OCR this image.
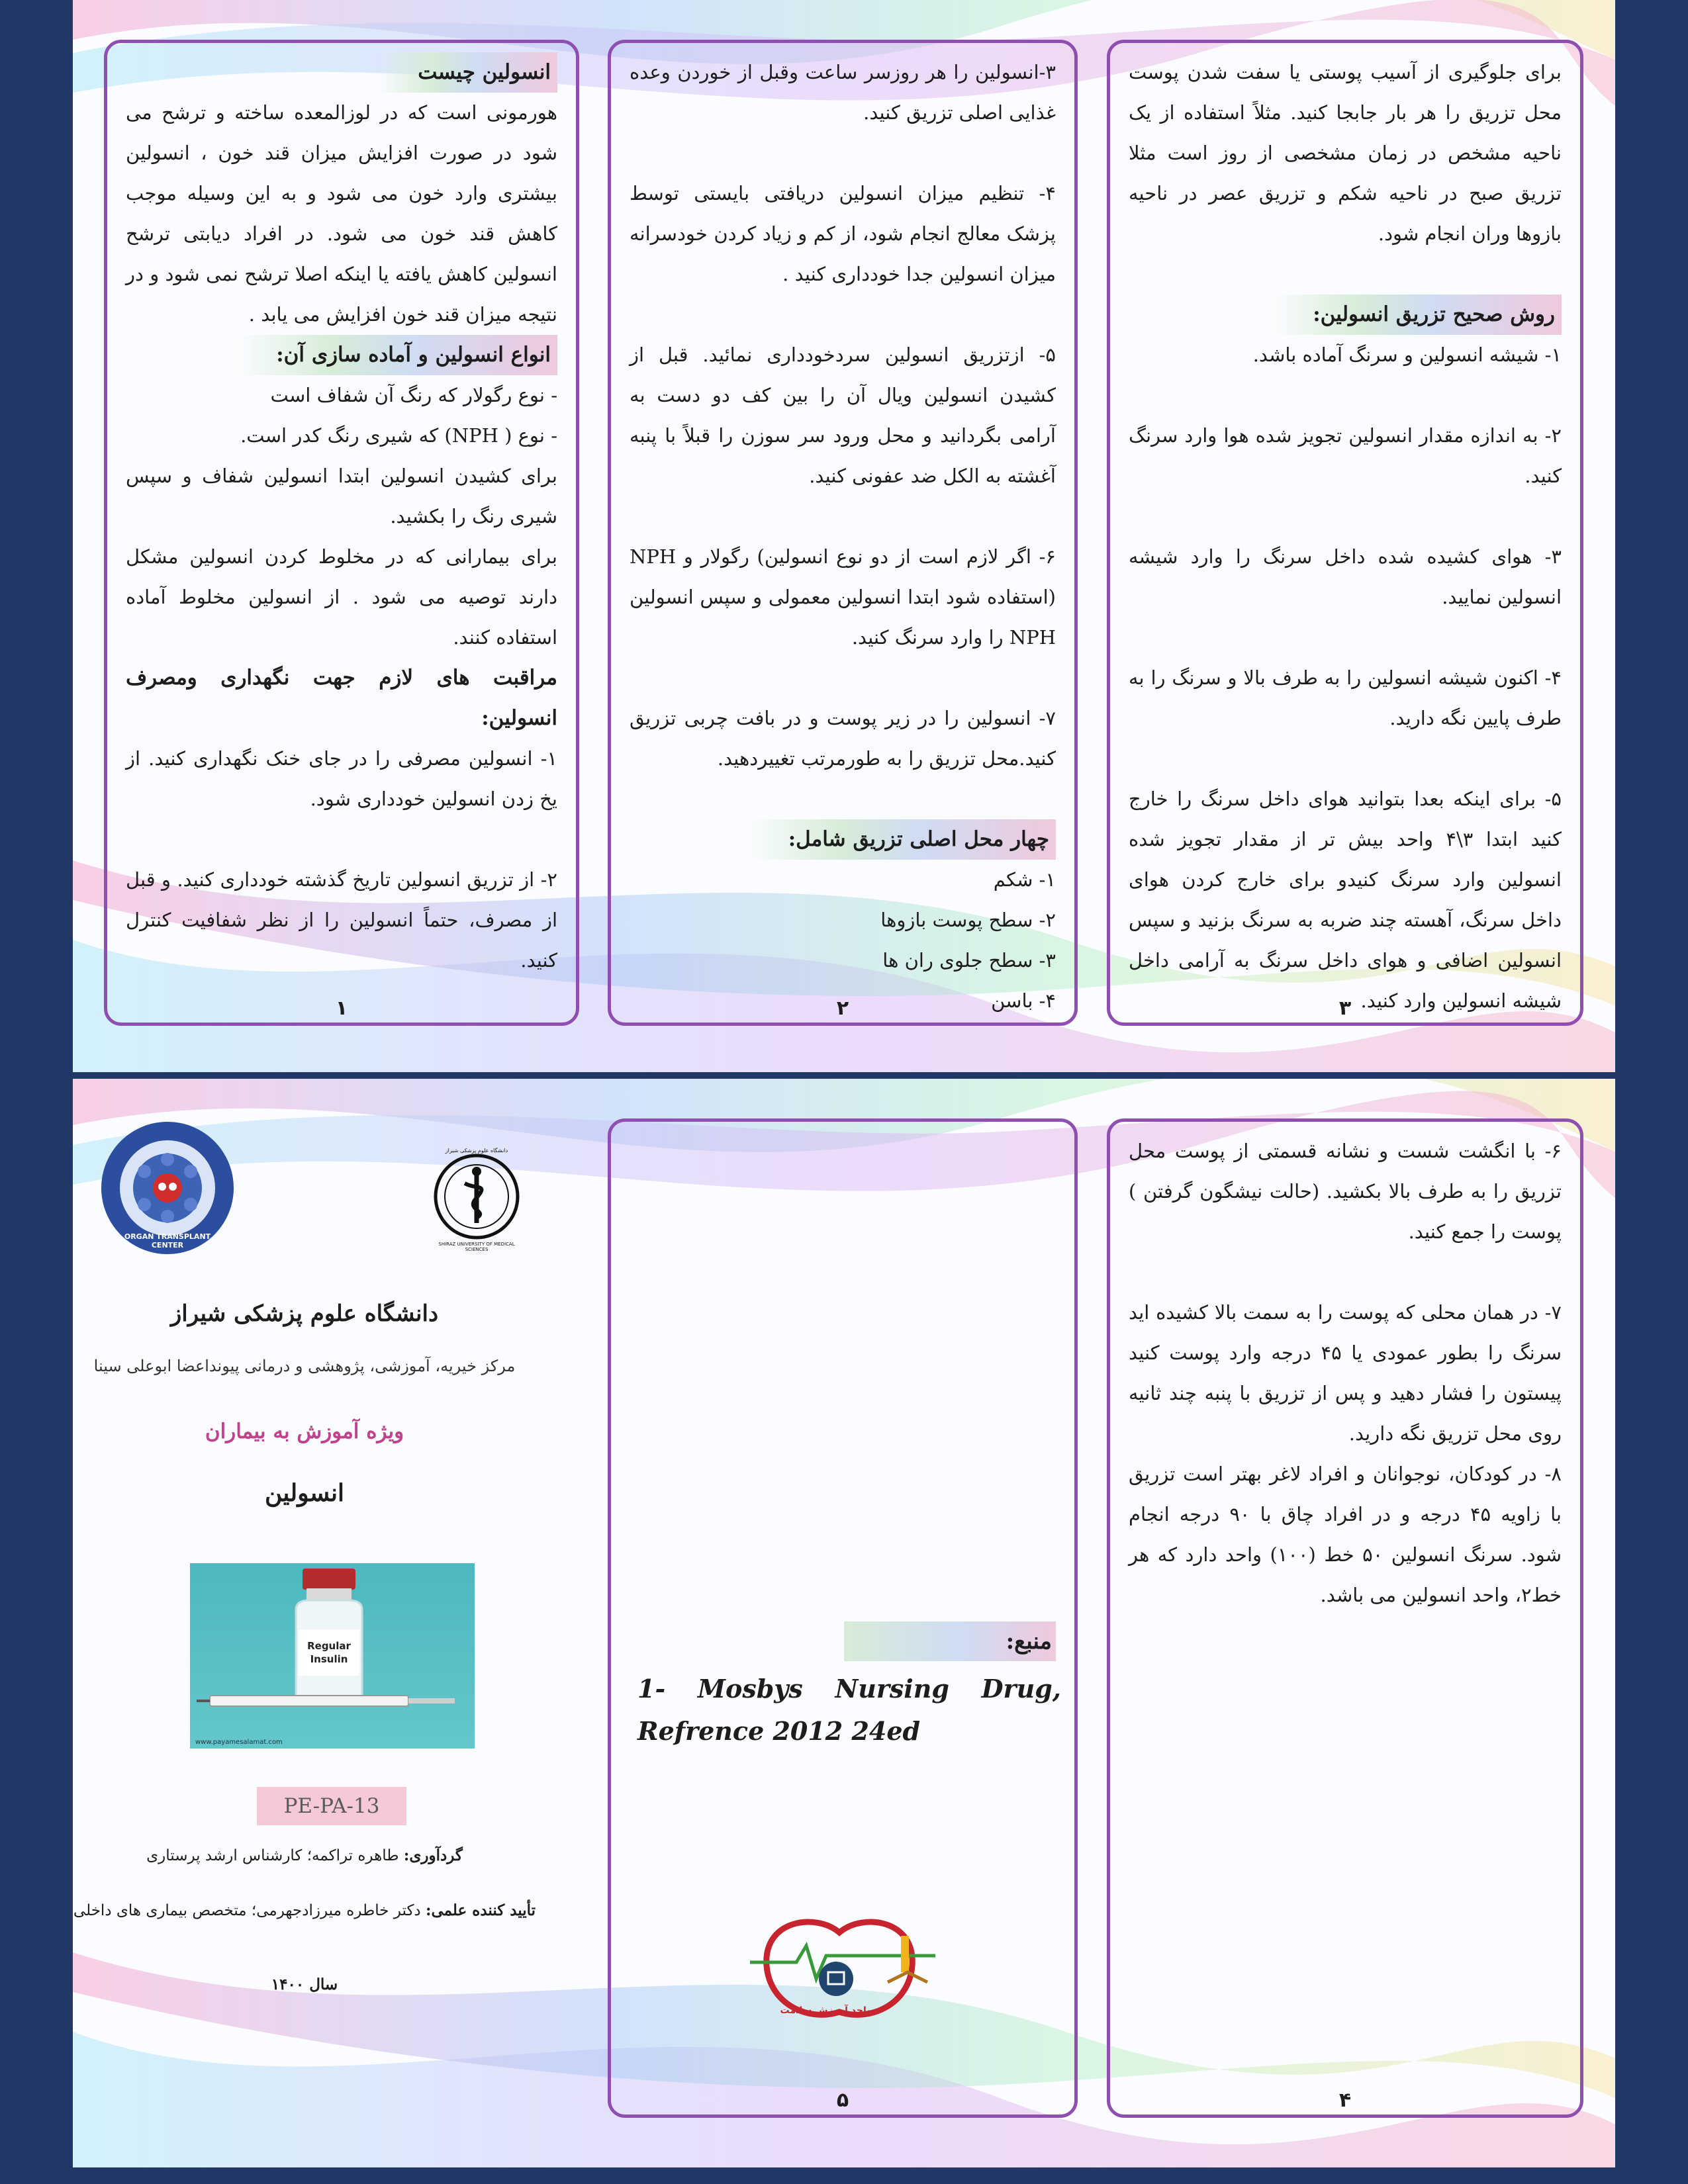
انسولین چیست

هورمونی است که در لوزالمعده ساخته و ترشح می شود در صورت افزایش میزان قند خون ، انسولین بیشتری وارد خون می شود و به این وسیله موجب کاهش قند خون می شود. در افراد دیابتی ترشح انسولین کاهش یافته یا اینکه اصلا ترشح نمی شود و در نتیجه میزان قند خون افزایش می یابد .

انواع انسولین و آماده سازی آن:

- نوع رگولار که رنگ آن شفاف است

- نوع ( NPH) که شیری رنگ کدر است.

برای کشیدن انسولین ابتدا انسولین شفاف و سپس شیری رنگ را بکشید.

برای بیمارانی که در مخلوط کردن انسولین مشکل دارند توصیه می شود . از انسولین مخلوط آماده استفاده کنند.

مراقبت های لازم جهت نگهداری ومصرف انسولین:

۱- انسولین مصرفی را در جای خنک نگهداری کنید. از یخ زدن انسولین خودداری شود.

۲- از تزریق انسولین تاریخ گذشته خودداری کنید. و قبل از مصرف، حتماً انسولین را از نظر شفافیت کنترل کنید.

۱

۳-انسولین را هر روزسر ساعت وقبل از خوردن وعده غذایی اصلی تزریق کنید.

۴- تنظیم میزان انسولین دریافتی بایستی توسط پزشک معالج انجام شود، از کم و زیاد کردن خودسرانه میزان انسولین جدا خودداری کنید .

۵- ازتزریق انسولین سردخودداری نمائید. قبل از کشیدن انسولین ویال آن را بین کف دو دست به آرامی بگردانید و محل ورود سر سوزن را قبلاً با پنبه آغشته به الکل ضد عفونی کنید.

۶- اگر لازم است از دو نوع انسولین) رگولار و NPH (استفاده شود ابتدا انسولین معمولی و سپس انسولین NPH را وارد سرنگ کنید.

۷- انسولین را در زیر پوست و در بافت چربی تزریق کنید.محل تزریق را به طورمرتب تغییردهید.

چهار محل اصلی تزریق شامل:

۱- شکم

۲- سطح پوست بازوها

۳- سطح جلوی ران ها

۴- باسن

۲

برای جلوگیری از آسیب پوستی یا سفت شدن پوست محل تزریق را هر بار جابجا کنید. مثلاً استفاده از یک ناحیه مشخص در زمان مشخصی از روز است مثلا تزریق صبح در ناحیه شکم و تزریق عصر در ناحیه بازوها وران انجام شود.

روش صحیح تزریق انسولین:

۱- شیشه انسولین و سرنگ آماده باشد.

۲- به اندازه مقدار انسولین تجویز شده هوا وارد سرنگ کنید.

۳- هوای کشیده شده داخل سرنگ را وارد شیشه انسولین نمایید.

۴- اکنون شیشه انسولین را به طرف بالا و سرنگ را به طرف پایین نگه دارید.

۵- برای اینکه بعدا بتوانید هوای داخل سرنگ را خارج کنید ابتدا ۳\۴ واحد بیش تر از مقدار تجویز شده انسولین وارد سرنگ کنیدو برای خارج کردن هوای داخل سرنگ، آهسته چند ضربه به سرنگ بزنید و سپس انسولین اضافی و هوای داخل سرنگ به آرامی داخل شیشه انسولین وارد کنید.

۳
منبع:
1- Mosbys Nursing Drug, Refrence 2012 24ed
واحد آموزش سلامت
۵

۶- با انگشت شست و نشانه قسمتی از پوست محل تزریق را به طرف بالا بکشید. (حالت نیشگون گرفتن ) پوست را جمع کنید.

۷- در همان محلی که پوست را به سمت بالا کشیده اید سرنگ را بطور عمودی یا ۴۵ درجه وارد پوست کنید پیستون را فشار دهید و پس از تزریق با پنبه چند ثانیه روی محل تزریق نگه دارید.

۸- در کودکان، نوجوانان و افراد لاغر بهتر است تزریق با زاویه ۴۵ درجه و در افراد چاق با ۹۰ درجه انجام شود. سرنگ انسولین ۵۰ خط (۱۰۰) واحد دارد که هر خط۲، واحد انسولین می باشد.

۴
ORGAN TRANSPLANT CENTER	SHIRAZ UNIVERSITY OF MEDICAL SCIENCES
دانشگاه علوم پزشکی شیراز
دانشگاه علوم پزشکی شیراز
مرکز خیریه، آموزشی، پژوهشی و درمانی پیونداعضا ابوعلی سینا
ویژه آموزش به بیماران
انسولین
Regular Insulin
www.payamesalamat.com
PE-PA-13
گردآوری: طاهره تراکمه؛ کارشناس ارشد پرستاری
تأیید کننده علمی: دکتر خاطره میرزادجهرمی؛ متخصص بیماری های داخلی
سال ۱۴۰۰
